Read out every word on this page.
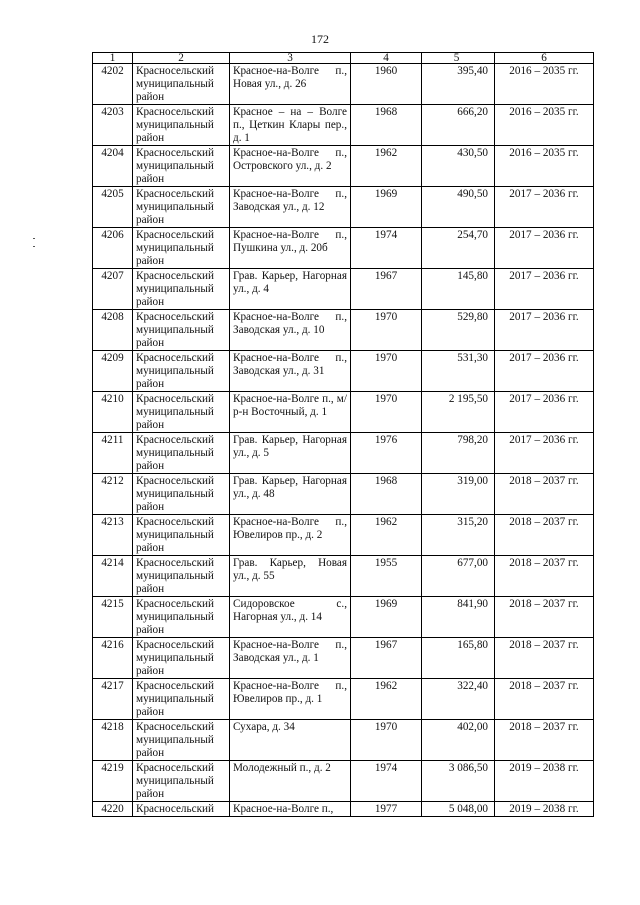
172
1	2	3	4	5	6
4202	Красносельский муниципальный район	Красное-на-Волге п., Новая ул., д. 26	1960	395,40	2016 – 2035 гг.
4203	Красносельский муниципальный район	Красное – на – Волге п., Цеткин Клары пер., д. 1	1968	666,20	2016 – 2035 гг.
4204	Красносельский муниципальный район	Красное-на-Волге п., Островского ул., д. 2	1962	430,50	2016 – 2035 гг.
4205	Красносельский муниципальный район	Красное-на-Волге п., Заводская ул., д. 12	1969	490,50	2017 – 2036 гг.
4206	Красносельский муниципальный район	Красное-на-Волге п., Пушкина ул., д. 20б	1974	254,70	2017 – 2036 гг.
4207	Красносельский муниципальный район	Грав. Карьер, Нагорная ул., д. 4	1967	145,80	2017 – 2036 гг.
4208	Красносельский муниципальный район	Красное-на-Волге п., Заводская ул., д. 10	1970	529,80	2017 – 2036 гг.
4209	Красносельский муниципальный район	Красное-на-Волге п., Заводская ул., д. 31	1970	531,30	2017 – 2036 гг.
4210	Красносельский муниципальный район	Красное-на-Волге п., м/р-н Восточный, д. 1	1970	2 195,50	2017 – 2036 гг.
4211	Красносельский муниципальный район	Грав. Карьер, Нагорная ул., д. 5	1976	798,20	2017 – 2036 гг.
4212	Красносельский муниципальный район	Грав. Карьер, Нагорная ул., д. 48	1968	319,00	2018 – 2037 гг.
4213	Красносельский муниципальный район	Красное-на-Волге п., Ювелиров пр., д. 2	1962	315,20	2018 – 2037 гг.
4214	Красносельский муниципальный район	Грав. Карьер, Новая ул., д. 55	1955	677,00	2018 – 2037 гг.
4215	Красносельский муниципальный район	Сидоровское с., Нагорная ул., д. 14	1969	841,90	2018 – 2037 гг.
4216	Красносельский муниципальный район	Красное-на-Волге п., Заводская ул., д. 1	1967	165,80	2018 – 2037 гг.
4217	Красносельский муниципальный район	Красное-на-Волге п., Ювелиров пр., д. 1	1962	322,40	2018 – 2037 гг.
4218	Красносельский муниципальный район	Сухара, д. 34	1970	402,00	2018 – 2037 гг.
4219	Красносельский муниципальный район	Молодежный п., д. 2	1974	3 086,50	2019 – 2038 гг.
4220	Красносельский	Красное-на-Волге п.,	1977	5 048,00	2019 – 2038 гг.
